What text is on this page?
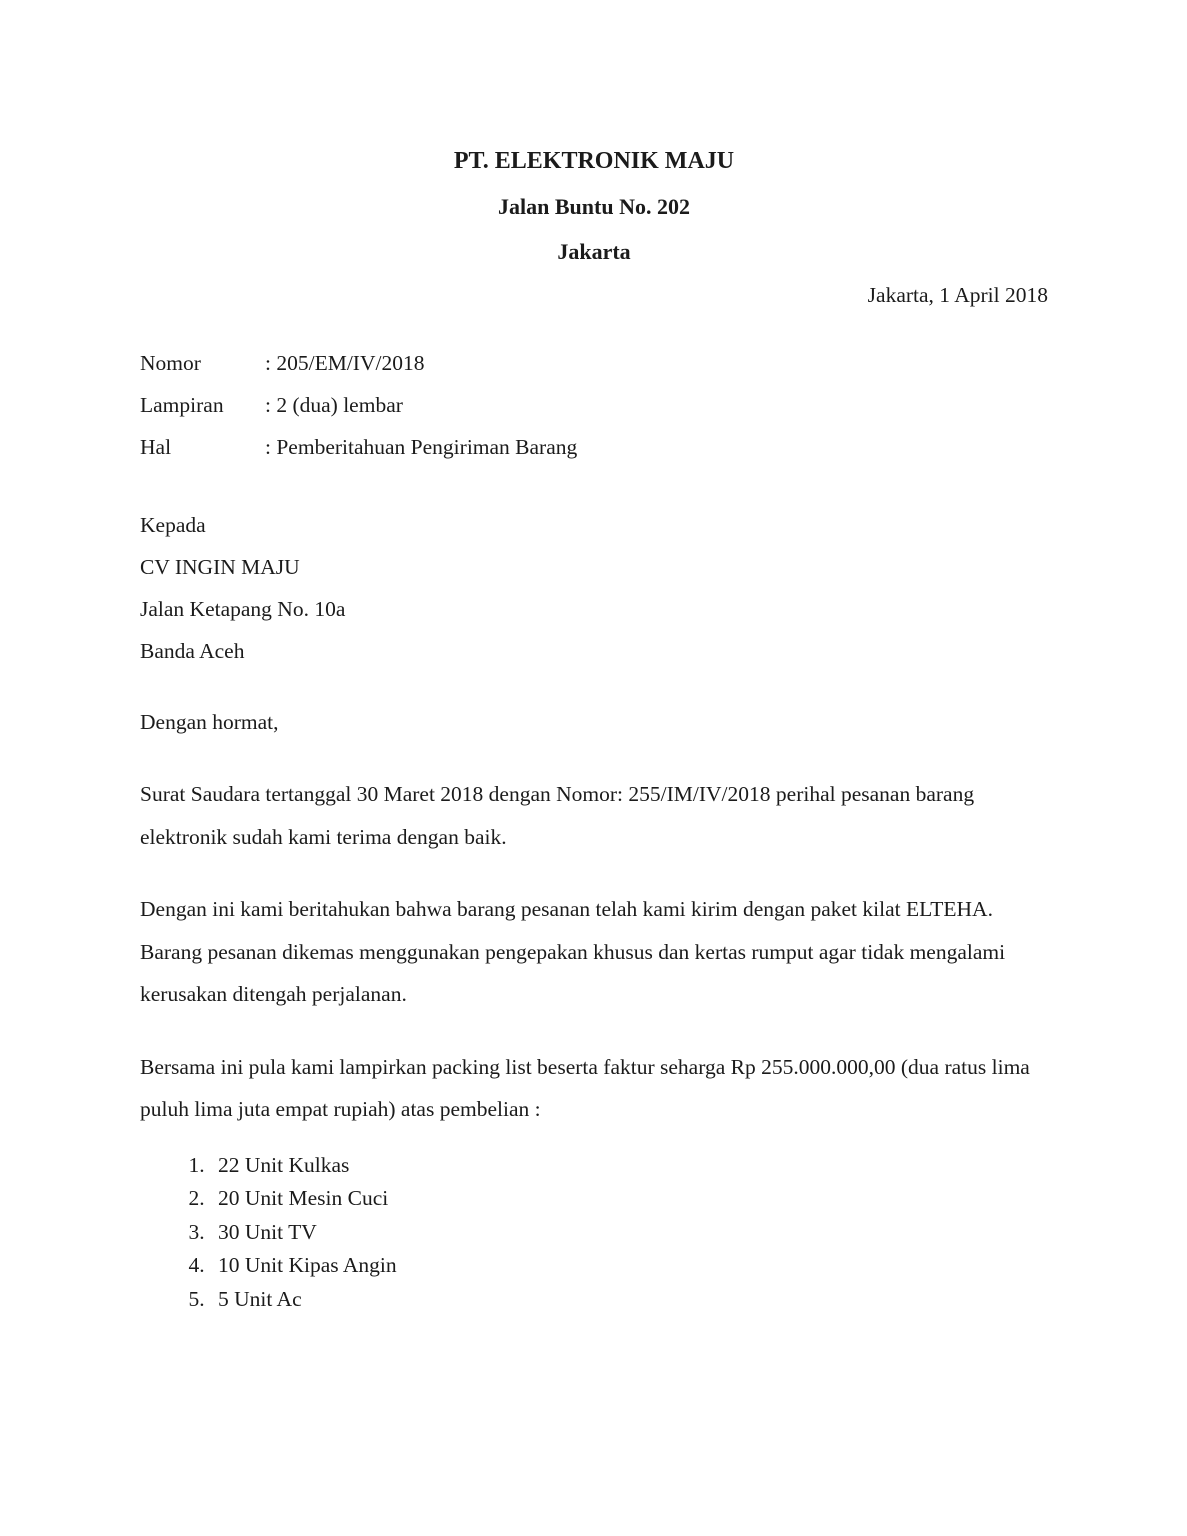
PT. ELEKTRONIK MAJU
Jalan Buntu No. 202
Jakarta
Jakarta, 1 April 2018
Nomor	: 205/EM/IV/2018
Lampiran	: 2 (dua) lembar
Hal	: Pemberitahuan Pengiriman Barang
Kepada
CV INGIN MAJU
Jalan Ketapang No. 10a
Banda Aceh
Dengan hormat,

Surat Saudara tertanggal 30 Maret 2018 dengan Nomor: 255/IM/IV/2018 perihal pesanan barang elektronik sudah kami terima dengan baik.

Dengan ini kami beritahukan bahwa barang pesanan telah kami kirim dengan paket kilat ELTEHA. Barang pesanan dikemas menggunakan pengepakan khusus dan kertas rumput agar tidak mengalami kerusakan ditengah perjalanan.

Bersama ini pula kami lampirkan packing list beserta faktur seharga Rp 255.000.000,00 (dua ratus lima puluh lima juta empat rupiah) atas pembelian :

1. 22 Unit Kulkas
2. 20 Unit Mesin Cuci
3. 30 Unit TV
4. 10 Unit Kipas Angin
5. 5 Unit Ac
